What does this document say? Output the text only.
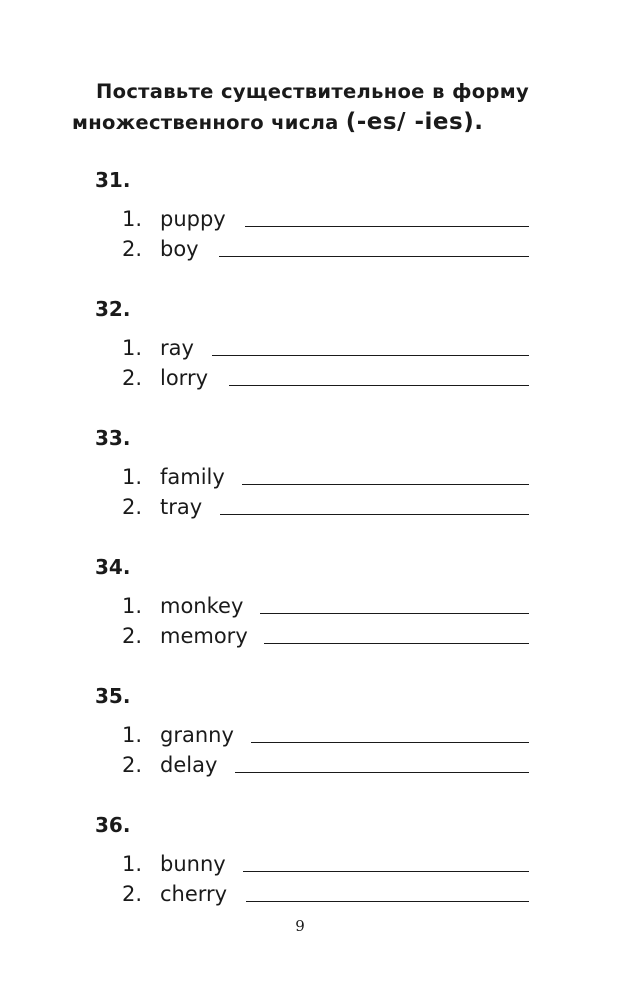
Поставьте существительное в форму
множественного числа (-es/ -ies).
31.
1. puppy
2. boy
32.
1. ray
2. lorry
33.
1. family
2. tray
34.
1. monkey
2. memory
35.
1. granny
2. delay
36.
1. bunny
2. cherry
9
